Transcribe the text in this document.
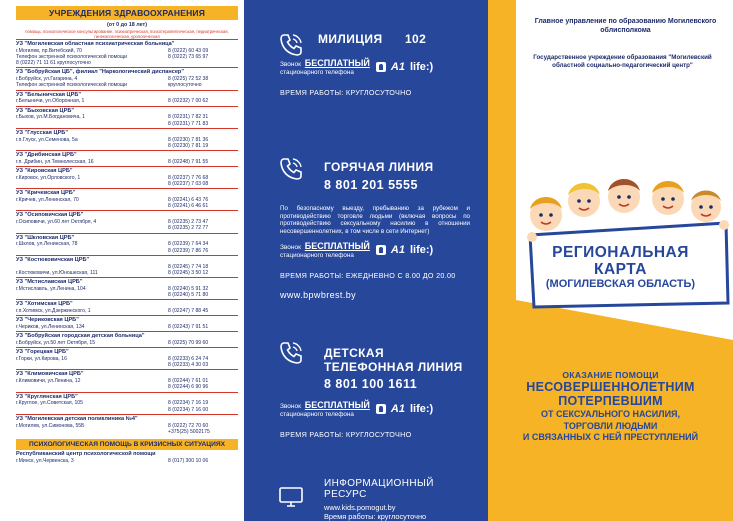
УЧРЕЖДЕНИЯ ЗДРАВООХРАНЕНИЯ
(от 0 до 18 лет)
помощь: психологическое консультирование, психиатрическая, психотерапевтическая, педиатрическая, гинекологическая, урологическая
УЗ "Могилевская областная психиатрическая больница"
г.Могилев, пр.Витебский, 70	8 (0222) 60 43 09
Телефон экстренной психологической помощи	8 (0222) 73 65 97
8 (0222) 71 11 61 круглосуточно
УЗ "Бобруйская ЦБ", филиал "Наркологический диспансер"
г.Бобруйск, ул.Гагарина, 4	8 (0225) 72 52 38
Телефон экстренной психологической помощи	круглосуточно
УЗ "Белыничская ЦРБ"
г.Белыничи, ул.Оборонная, 1	8 (02232) 7 00 62
УЗ "Быховская ЦРБ"
г.Быхов, ул.М.Богдановича, 1	8 (02231) 7 82 31
8 (02231) 7 71 83
УЗ "Глусская ЦРБ"
г.п.Глуск, ул.Семенова, 5а	8 (02230) 7 81 36
8 (02230) 7 81 19
УЗ "Дрибинская ЦРБ"
г.п. Дрибин, ул.Темнолесская, 16	8 (02248) 7 91 55
УЗ "Кировская ЦРБ"
г.Кировск, ул.Орловского, 1	8 (02237) 7 76 68
8 (02237) 7 03 08
УЗ "Кричевская ЦРБ"
г.Кричев, ул.Ленинская, 70	8 (02241) 6 43 76
8 (02241) 6 46 61
УЗ "Осиповичская ЦРБ"
г.Осиповичи, ул.60 лет Октября, 4	8 (02235) 2 73 47
8 (02235) 2 72 77
УЗ "Шкловская ЦРБ"
г.Шклов, ул.Ленинская, 78	8 (02239) 7 64 34
8 (02239) 7 86 76
УЗ "Костюковичская ЦРБ"
8 (02245) 7 74 18
г.Костюковичи, ул.Юношеская, 111	8 (02245) 3 50 12
УЗ "Мстиславская ЦРБ"
г.Мстиславль, ул.Ленина, 104	8 (02240) 5 91 32
8 (02240) 5 71 80
УЗ "Хотимская ЦРБ"
г.п.Хотимск, ул.Дзержинского, 1	8 (02247) 7 88 45
УЗ "Чериковская ЦРБ"
г.Чериков, ул.Ленинская, 134	8 (02243) 7 91 51
УЗ "Бобруйская городская детская больница"
г.Бобруйск, ул.50 лет Октября, 15	8 (0225) 70 99 60
УЗ "Горецкая ЦРБ"
г.Горки, ул.Кирова, 16	8 (02233) 6 24 74
8 (02233) 4 30 03
УЗ "Климовичская ЦРБ"
г.Климовичи, ул.Ленина, 12	8 (02244) 7 61 01
8 (02244) 6 90 96
УЗ "Круглянская ЦРБ"
г.Круглое, ул.Советская, 105	8 (02234) 7 16 19
8 (02234) 7 16 00
УЗ "Могилевская детская поликлиника №4"
г.Могилев, ул.Симонова, 55Б	8 (0222) 72 70 60
+375(25) 5002175
ПСИХОЛОГИЧЕСКАЯ ПОМОЩЬ В КРИЗИСНЫХ СИТУАЦИЯХ
Республиканский центр психологической помощи
г.Минск, ул.Червенска, 3	8 (017) 300 10 06
МИЛИЦИЯ 102
Звонок БЕСПЛАТНЫЙ
стационарного телефона	A1 life:)
ВРЕМЯ РАБОТЫ: КРУГЛОСУТОЧНО
ГОРЯЧАЯ ЛИНИЯ
8 801 201 5555
По безопасному выезду, пребыванию за рубежом и противодействию торговле людьми (включая вопросы по противодействию сексуальному насилию в отношении несовершеннолетних, в том числе в сети Интернет)
Звонок БЕСПЛАТНЫЙ
стационарного телефона	A1 life:)
ВРЕМЯ РАБОТЫ: ЕЖЕДНЕВНО С 8.00 ДО 20.00
www.bpwbrest.by
ДЕТСКАЯ
ТЕЛЕФОННАЯ ЛИНИЯ
8 801 100 1611
Звонок БЕСПЛАТНЫЙ
стационарного телефона	A1 life:)
ВРЕМЯ РАБОТЫ: КРУГЛОСУТОЧНО
ИНФОРМАЦИОННЫЙ
РЕСУРС
www.kids.pomogut.by
Время работы: круглосуточно
Главное управление по образованию Могилевского облисполкома
Государственное учреждение образования "Могилевский областной социально-педагогический центр"
РЕГИОНАЛЬНАЯ
КАРТА
(МОГИЛЕВСКАЯ ОБЛАСТЬ)
ОКАЗАНИЕ ПОМОЩИ
НЕСОВЕРШЕННОЛЕТНИМ
ПОТЕРПЕВШИМ
ОТ СЕКСУАЛЬНОГО НАСИЛИЯ,
ТОРГОВЛИ ЛЮДЬМИ
И СВЯЗАННЫХ С НЕЙ ПРЕСТУПЛЕНИЙ
